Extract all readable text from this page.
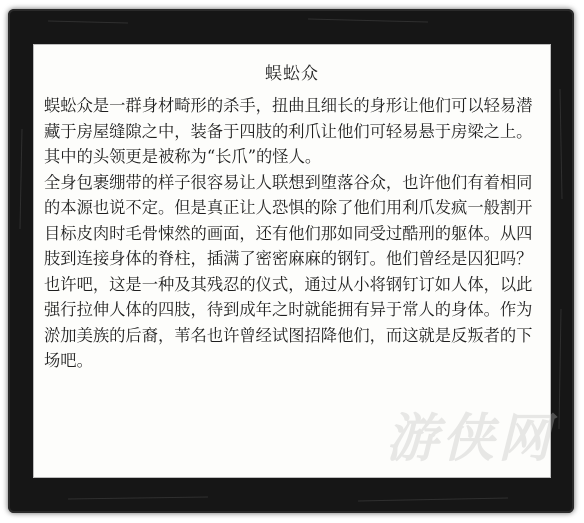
蜈蚣众

蜈蚣众是一群身材畸形的杀手，扭曲且细长的身形让他们可以轻易潜藏于房屋缝隙之中，装备于四肢的利爪让他们可轻易悬于房梁之上。其中的头领更是被称为“长爪”的怪人。

全身包裹绷带的样子很容易让人联想到堕落谷众，也许他们有着相同的本源也说不定。但是真正让人恐惧的除了他们用利爪发疯一般割开目标皮肉时毛骨悚然的画面，还有他们那如同受过酷刑的躯体。从四肢到连接身体的脊柱，插满了密密麻麻的钢钉。他们曾经是囚犯吗？也许吧，这是一种及其残忍的仪式，通过从小将钢钉订如人体，以此强行拉伸人体的四肢，待到成年之时就能拥有异于常人的身体。作为淤加美族的后裔，苇名也许曾经试图招降他们，而这就是反叛者的下场吧。

游侠网
